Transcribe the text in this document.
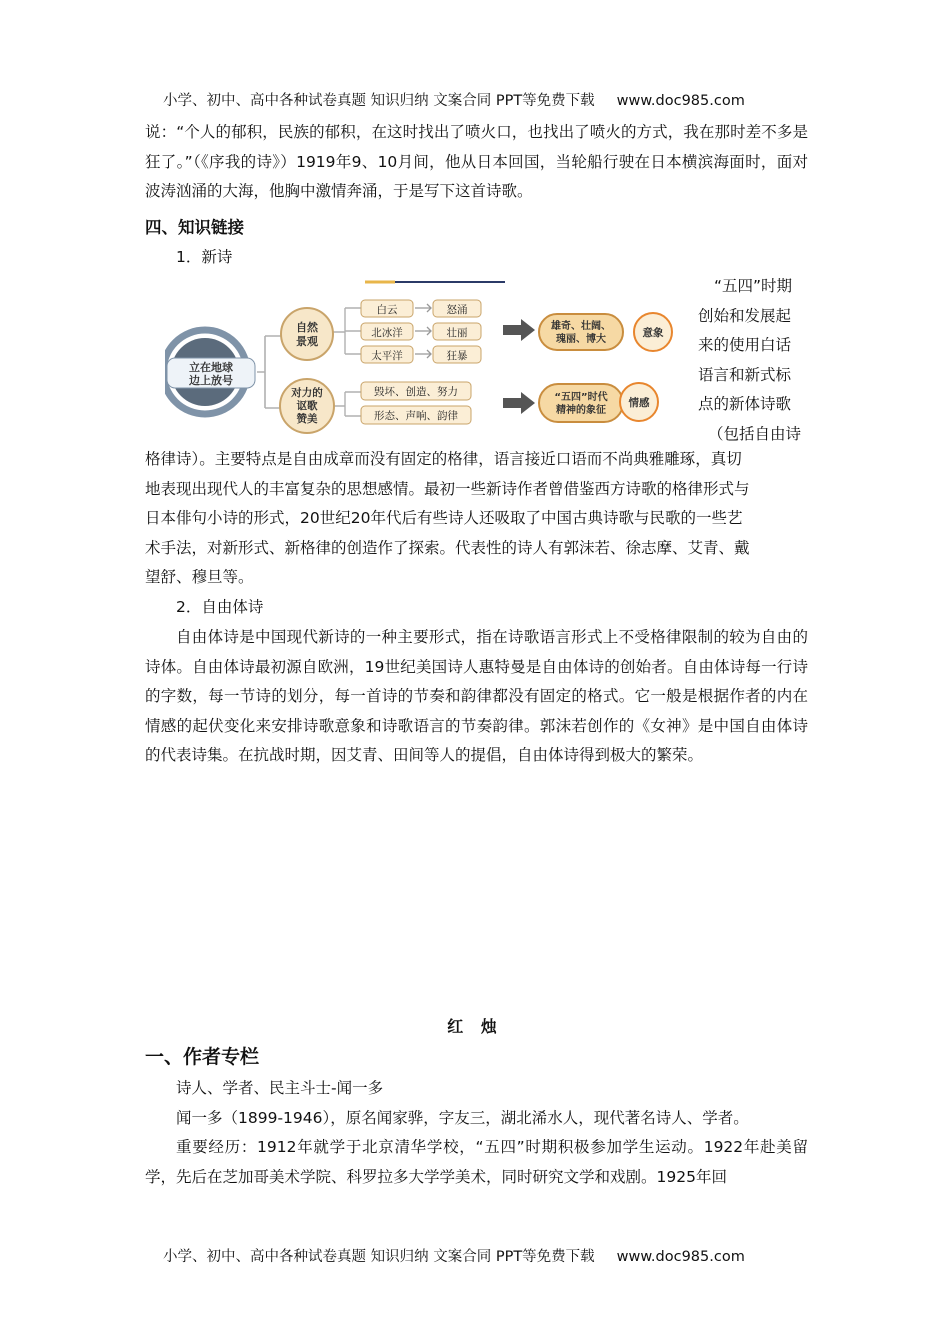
小学、初中、高中各种试卷真题 知识归纳 文案合同 PPT等免费下载 www.doc985.com

说：“个人的郁积，民族的郁积，在这时找出了喷火口，也找出了喷火的方式，我在那时差不多是狂了。”（《序我的诗》）1919年9、10月间，他从日本回国，当轮船行驶在日本横滨海面时，面对波涛汹涌的大海，他胸中激情奔涌，于是写下这首诗歌。

四、知识链接
1．新诗
立在地球
边上放号
自然
景观
对力的
讴歌
赞美
白云
北冰洋
太平洋
怒涌
壮丽
狂暴
毁坏、创造、努力
形态、声响、韵律
雄奇、壮阔、
瑰丽、博大
“五四”时代
精神的象征
意象
情感
“五四”时期
创始和发展起
来的使用白话
语言和新式标
点的新体诗歌
（包括自由诗
格律诗）。主要特点是自由成章而没有固定的格律，语言接近口语而不尚典雅雕琢，真切
地表现出现代人的丰富复杂的思想感情。最初一些新诗作者曾借鉴西方诗歌的格律形式与
日本俳句小诗的形式，20世纪20年代后有些诗人还吸取了中国古典诗歌与民歌的一些艺
术手法，对新形式、新格律的创造作了探索。代表性的诗人有郭沫若、徐志摩、艾青、戴
望舒、穆旦等。
2．自由体诗

自由体诗是中国现代新诗的一种主要形式，指在诗歌语言形式上不受格律限制的较为自由的诗体。自由体诗最初源自欧洲，19世纪美国诗人惠特曼是自由体诗的创始者。自由体诗每一行诗的字数，每一节诗的划分，每一首诗的节奏和韵律都没有固定的格式。它一般是根据作者的内在情感的起伏变化来安排诗歌意象和诗歌语言的节奏韵律。郭沫若创作的《女神》是中国自由体诗的代表诗集。在抗战时期，因艾青、田间等人的提倡，自由体诗得到极大的繁荣。

红 烛
一、作者专栏

诗人、学者、民主斗士-闻一多

闻一多（1899-1946），原名闻家骅，字友三，湖北浠水人，现代著名诗人、学者。

重要经历：1912年就学于北京清华学校，“五四”时期积极参加学生运动。1922年赴美留学，先后在芝加哥美术学院、科罗拉多大学学美术，同时研究文学和戏剧。1925年回

小学、初中、高中各种试卷真题 知识归纳 文案合同 PPT等免费下载 www.doc985.com
